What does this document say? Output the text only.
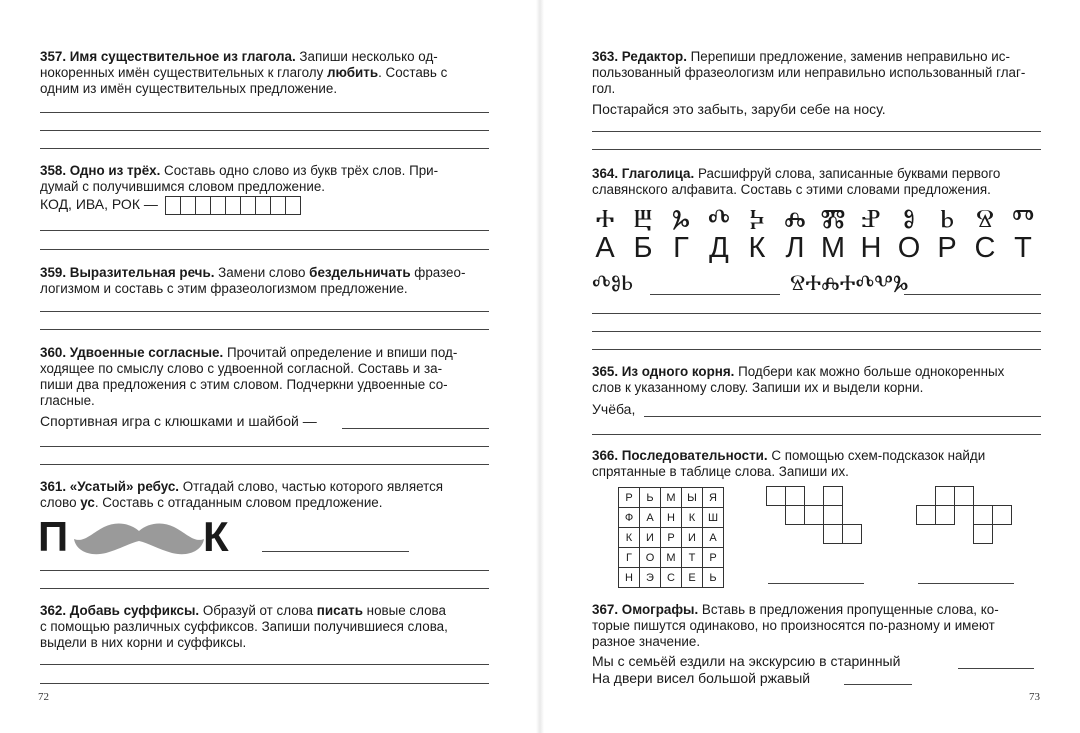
357. Имя существительное из глагола. Запиши несколько од-
нокоренных имён существительных к глаголу любить. Составь с
одним из имён существительных предложение.
358. Одно из трёх. Составь одно слово из букв трёх слов. При-
думай с получившимся словом предложение.
КОД, ИВА, РОК —
359. Выразительная речь. Замени слово бездельничать фразео-
логизмом и составь с этим фразеологизмом предложение.
360. Удвоенные согласные. Прочитай определение и впиши под-
ходящее по смыслу слово с удвоенной согласной. Составь и за-
пиши два предложения с этим словом. Подчеркни удвоенные со-
гласные.
Спортивная игра с клюшками и шайбой —
361. «Усатый» ребус. Отгадай слово, частью которого является
слово ус. Составь с отгаданным словом предложение.
П	К
362. Добавь суффиксы. Образуй от слова писать новые слова
с помощью различных суффиксов. Запиши получившиеся слова,
выдели в них корни и суффиксы.
72
363. Редактор. Перепиши предложение, заменив неправильно ис-
пользованный фразеологизм или неправильно использованный глаг-
гол.
Постарайся это забыть, заруби себе на носу.
364. Глаголица. Расшифруй слова, записанные буквами первого
славянского алфавита. Составь с этими словами предложения.
Ⰰ Ⰱ Ⰳ Ⰴ Ⰽ Ⰾ Ⰿ Ⱀ Ⱁ Ⱃ Ⱄ Ⱅ
А Б Г Д К Л М Н О Р С Т
ⰄⰑⰓ	ⰔⰀⰎⰀⰄⰂⰃ
365. Из одного корня. Подбери как можно больше однокоренных
слов к указанному слову. Запиши их и выдели корни.
Учёба,
366. Последовательности. С помощью схем-подсказок найди
спрятанные в таблице слова. Запиши их.
Р	Ь	М	Ы	Я
Ф	А	Н	К	Ш
К	И	Р	И	А
Г	О	М	Т	Р
Н	Э	С	Е	Ь
367. Омографы. Вставь в предложения пропущенные слова, ко-
торые пишутся одинаково, но произносятся по-разному и имеют
разное значение.
Мы с семьёй ездили на экскурсию в старинный
На двери висел большой ржавый
73
